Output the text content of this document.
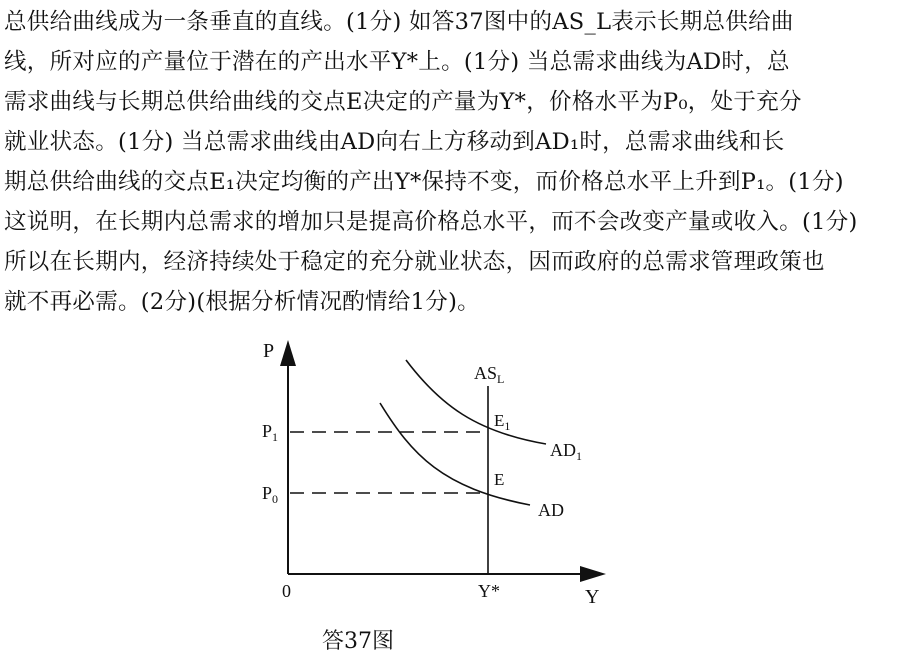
总供给曲线成为一条垂直的直线。(1分) 如答37图中的AS_L表示长期总供给曲
线，所对应的产量位于潜在的产出水平Y*上。(1分) 当总需求曲线为AD时，总
需求曲线与长期总供给曲线的交点E决定的产量为Y*，价格水平为P₀，处于充分
就业状态。(1分) 当总需求曲线由AD向右上方移动到AD₁时，总需求曲线和长
期总供给曲线的交点E₁决定均衡的产出Y*保持不变，而价格总水平上升到P₁。(1分)
这说明，在长期内总需求的增加只是提高价格总水平，而不会改变产量或收入。(1分)
所以在长期内，经济持续处于稳定的充分就业状态，因而政府的总需求管理政策也
就不再必需。(2分)(根据分析情况酌情给1分)。
P
Y
0
$P_1$
$P_0$
Y*
$AS_L$
$E_1$
E
$AD_1$
AD
答37图
